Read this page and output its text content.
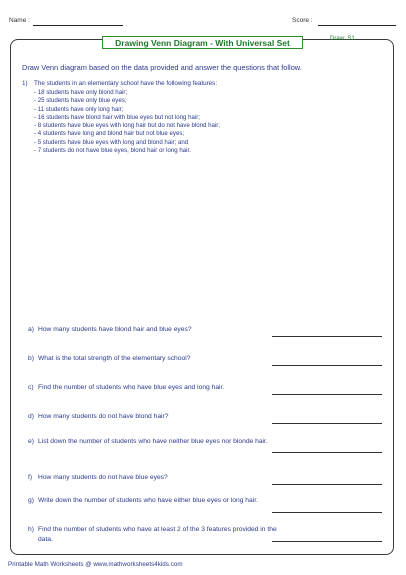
Name :	Score :
Drawing Venn Diagram - With Universal Set	Draw: S1
Draw Venn diagram based on the data provided and answer the questions that follow.
1) The students in an elementary school have the following features:
- 18 students have only blond hair;
- 25 students have only blue eyes;
- 11 students have only long hair;
- 16 students have blond hair with blue eyes but not long hair;
- 8 students have blue eyes with long hair but do not have blond hair;
- 4 students have long and blond hair but not blue eyes;
- 5 students have blue eyes with long and blond hair; and
- 7 students do not have blue eyes, blond hair or long hair.
a) How many students have blond hair and blue eyes?
b) What is the total strength of the elementary school?
c) Find the number of students who have blue eyes and long hair.
d) How many students do not have blond hair?
e) List down the number of students who have neither blue eyes nor blonde hair.
f) How many students do not have blue eyes?
g) Write down the number of students who have either blue eyes or long hair.
h) Find the number of students who have at least 2 of the 3 features provided in the data.
Printable Math Worksheets @ www.mathworksheets4kids.com
